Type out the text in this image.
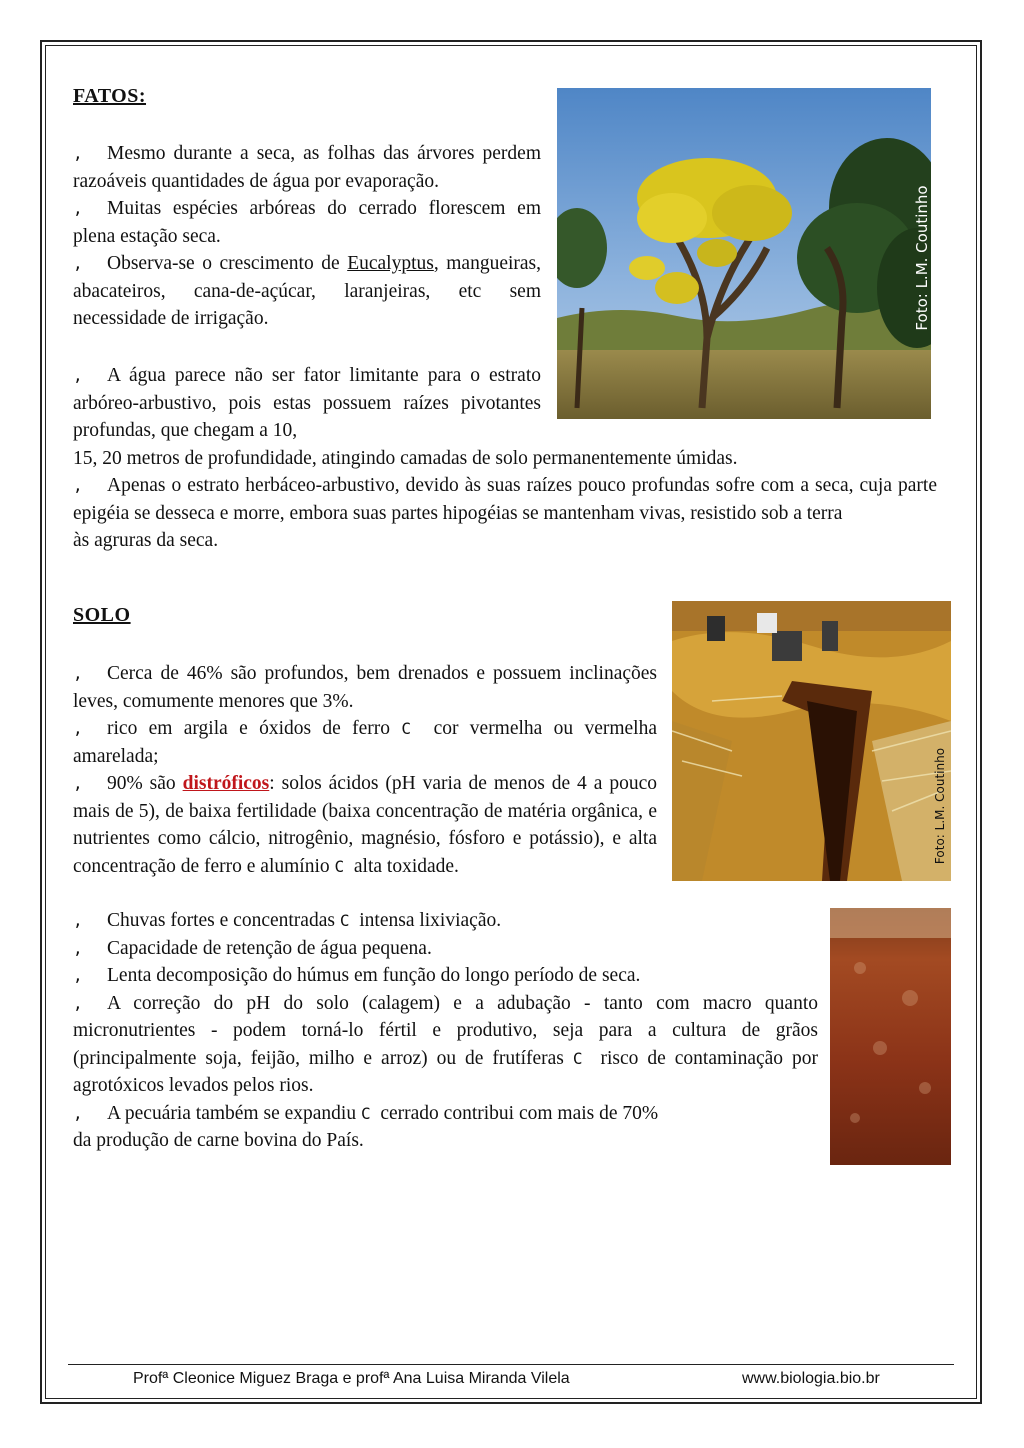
FATOS:
Foto: L.M. Coutinho

, Mesmo durante a seca, as folhas das árvores perdem razoáveis quantidades de água por evaporação.

, Muitas espécies arbóreas do cerrado florescem em plena estação seca.

, Observa-se o crescimento de Eucalyptus, mangueiras, abacateiros, cana-de-açúcar, laranjeiras, etc sem necessidade de irrigação.

, A água parece não ser fator limitante para o estrato arbóreo-arbustivo, pois estas possuem raízes pivotantes profundas, que chegam a 10,

15, 20 metros de profundidade, atingindo camadas de solo permanentemente úmidas.

, Apenas o estrato herbáceo-arbustivo, devido às suas raízes pouco profundas sofre com a seca, cuja parte epigéia se desseca e morre, embora suas partes hipogéias se mantenham vivas, resistido sob a terra

às agruras da seca.

SOLO
Foto: L.M. Coutinho

, Cerca de 46% são profundos, bem drenados e possuem inclinações leves, comumente menores que 3%.

, rico em argila e óxidos de ferro C cor vermelha ou vermelha amarelada;

, 90% são distróficos: solos ácidos (pH varia de menos de 4 a pouco mais de 5), de baixa fertilidade (baixa concentração de matéria orgânica, e nutrientes como cálcio, nitrogênio, magnésio, fósforo e potássio), e alta concentração de ferro e alumínio C alta toxidade.

, Chuvas fortes e concentradas C intensa lixiviação.

, Capacidade de retenção de água pequena.

, Lenta decomposição do húmus em função do longo período de seca.

, A correção do pH do solo (calagem) e a adubação - tanto com macro quanto micronutrientes - podem torná-lo fértil e produtivo, seja para a cultura de grãos (principalmente soja, feijão, milho e arroz) ou de frutíferas C risco de contaminação por agrotóxicos levados pelos rios.

, A pecuária também se expandiu C cerrado contribui com mais de 70%
da produção de carne bovina do País.

Profª Cleonice Miguez Braga e profª Ana Luisa Miranda Vilela	www.biologia.bio.br
